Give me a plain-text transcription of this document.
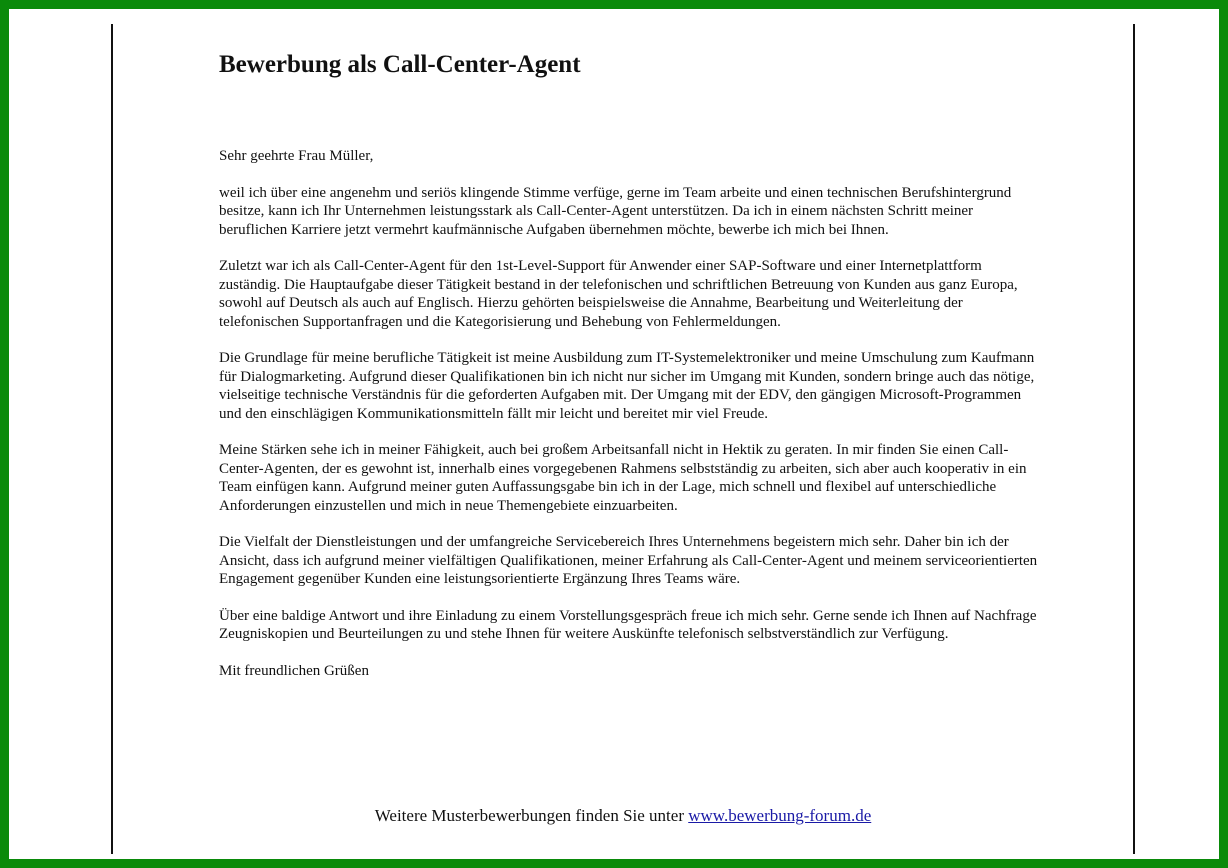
Bewerbung als Call-Center-Agent

Sehr geehrte Frau Müller,

weil ich über eine angenehm und seriös klingende Stimme verfüge, gerne im Team arbeite und einen technischen Berufshintergrund besitze, kann ich Ihr Unternehmen leistungsstark als Call-Center-Agent unterstützen. Da ich in einem nächsten Schritt meiner beruflichen Karriere jetzt vermehrt kaufmännische Aufgaben übernehmen möchte, bewerbe ich mich bei Ihnen.

Zuletzt war ich als Call-Center-Agent für den 1st-Level-Support für Anwender einer SAP-Software und einer Internetplattform zuständig. Die Hauptaufgabe dieser Tätigkeit bestand in der telefonischen und schriftlichen Betreuung von Kunden aus ganz Europa, sowohl auf Deutsch als auch auf Englisch. Hierzu gehörten beispielsweise die Annahme, Bearbeitung und Weiterleitung der telefonischen Supportanfragen und die Kategorisierung und Behebung von Fehlermeldungen.

Die Grundlage für meine berufliche Tätigkeit ist meine Ausbildung zum IT-Systemelektroniker und meine Umschulung zum Kaufmann für Dialogmarketing. Aufgrund dieser Qualifikationen bin ich nicht nur sicher im Umgang mit Kunden, sondern bringe auch das nötige, vielseitige technische Verständnis für die geforderten Aufgaben mit. Der Umgang mit der EDV, den gängigen Microsoft-Programmen und den einschlägigen Kommunikationsmitteln fällt mir leicht und bereitet mir viel Freude.

Meine Stärken sehe ich in meiner Fähigkeit, auch bei großem Arbeitsanfall nicht in Hektik zu geraten. In mir finden Sie einen Call-Center-Agenten, der es gewohnt ist, innerhalb eines vorgegebenen Rahmens selbstständig zu arbeiten, sich aber auch kooperativ in ein Team einfügen kann. Aufgrund meiner guten Auffassungsgabe bin ich in der Lage, mich schnell und flexibel auf unterschiedliche Anforderungen einzustellen und mich in neue Themengebiete einzuarbeiten.

Die Vielfalt der Dienstleistungen und der umfangreiche Servicebereich Ihres Unternehmens begeistern mich sehr. Daher bin ich der Ansicht, dass ich aufgrund meiner vielfältigen Qualifikationen, meiner Erfahrung als Call-Center-Agent und meinem serviceorientierten Engagement gegenüber Kunden eine leistungsorientierte Ergänzung Ihres Teams wäre.

Über eine baldige Antwort und ihre Einladung zu einem Vorstellungsgespräch freue ich mich sehr. Gerne sende ich Ihnen auf Nachfrage Zeugniskopien und Beurteilungen zu und stehe Ihnen für weitere Auskünfte telefonisch selbstverständlich zur Verfügung.

Mit freundlichen Grüßen

Weitere Musterbewerbungen finden Sie unter www.bewerbung-forum.de
